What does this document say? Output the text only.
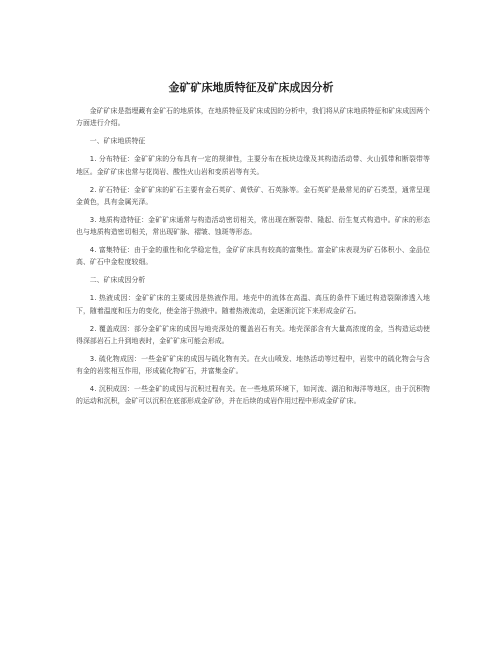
金矿矿床地质特征及矿床成因分析

金矿矿床是指埋藏有金矿石的地质体，在地质特征及矿床成因的分析中，我们将从矿床地质特征和矿床成因两个方面进行介绍。

一、矿床地质特征

1. 分布特征：金矿矿床的分布具有一定的规律性，主要分布在板块边缘及其构造活动带、火山弧带和断裂带等地区。金矿矿床也常与花岗岩、酸性火山岩和变质岩等有关。

2. 矿石特征：金矿矿床的矿石主要有金石英矿、黄铁矿、石英脉等。金石英矿是最常见的矿石类型，通常呈现金黄色，具有金属光泽。

3. 地质构造特征：金矿矿床通常与构造活动密切相关，常出现在断裂带、隆起、衍生复式构造中。矿床的形态也与地质构造密切相关，常出现矿脉、褶皱、蚀斑等形态。

4. 富集特征：由于金的重性和化学稳定性，金矿矿床具有较高的富集性。富金矿床表现为矿石体积小、金品位高、矿石中金粒度较细。

二、矿床成因分析

1. 热液成因：金矿矿床的主要成因是热液作用。地壳中的流体在高温、高压的条件下通过构造裂隙渗透入地下，随着温度和压力的变化，使金溶于热液中。随着热液流动，金逐渐沉淀下来形成金矿石。

2. 覆盖成因：部分金矿矿床的成因与地壳深处的覆盖岩石有关。地壳深部含有大量高浓度的金，当构造运动使得深部岩石上升到地表时，金矿矿床可能会形成。

3. 硫化物成因：一些金矿矿床的成因与硫化物有关。在火山喷发、地热活动等过程中，岩浆中的硫化物会与含有金的岩浆相互作用，形成硫化物矿石，并富集金矿。

4. 沉积成因：一些金矿的成因与沉积过程有关。在一些地质环境下，如河流、湖泊和海洋等地区，由于沉积物的运动和沉积，金矿可以沉积在底部形成金矿砂，并在后续的成岩作用过程中形成金矿矿床。
